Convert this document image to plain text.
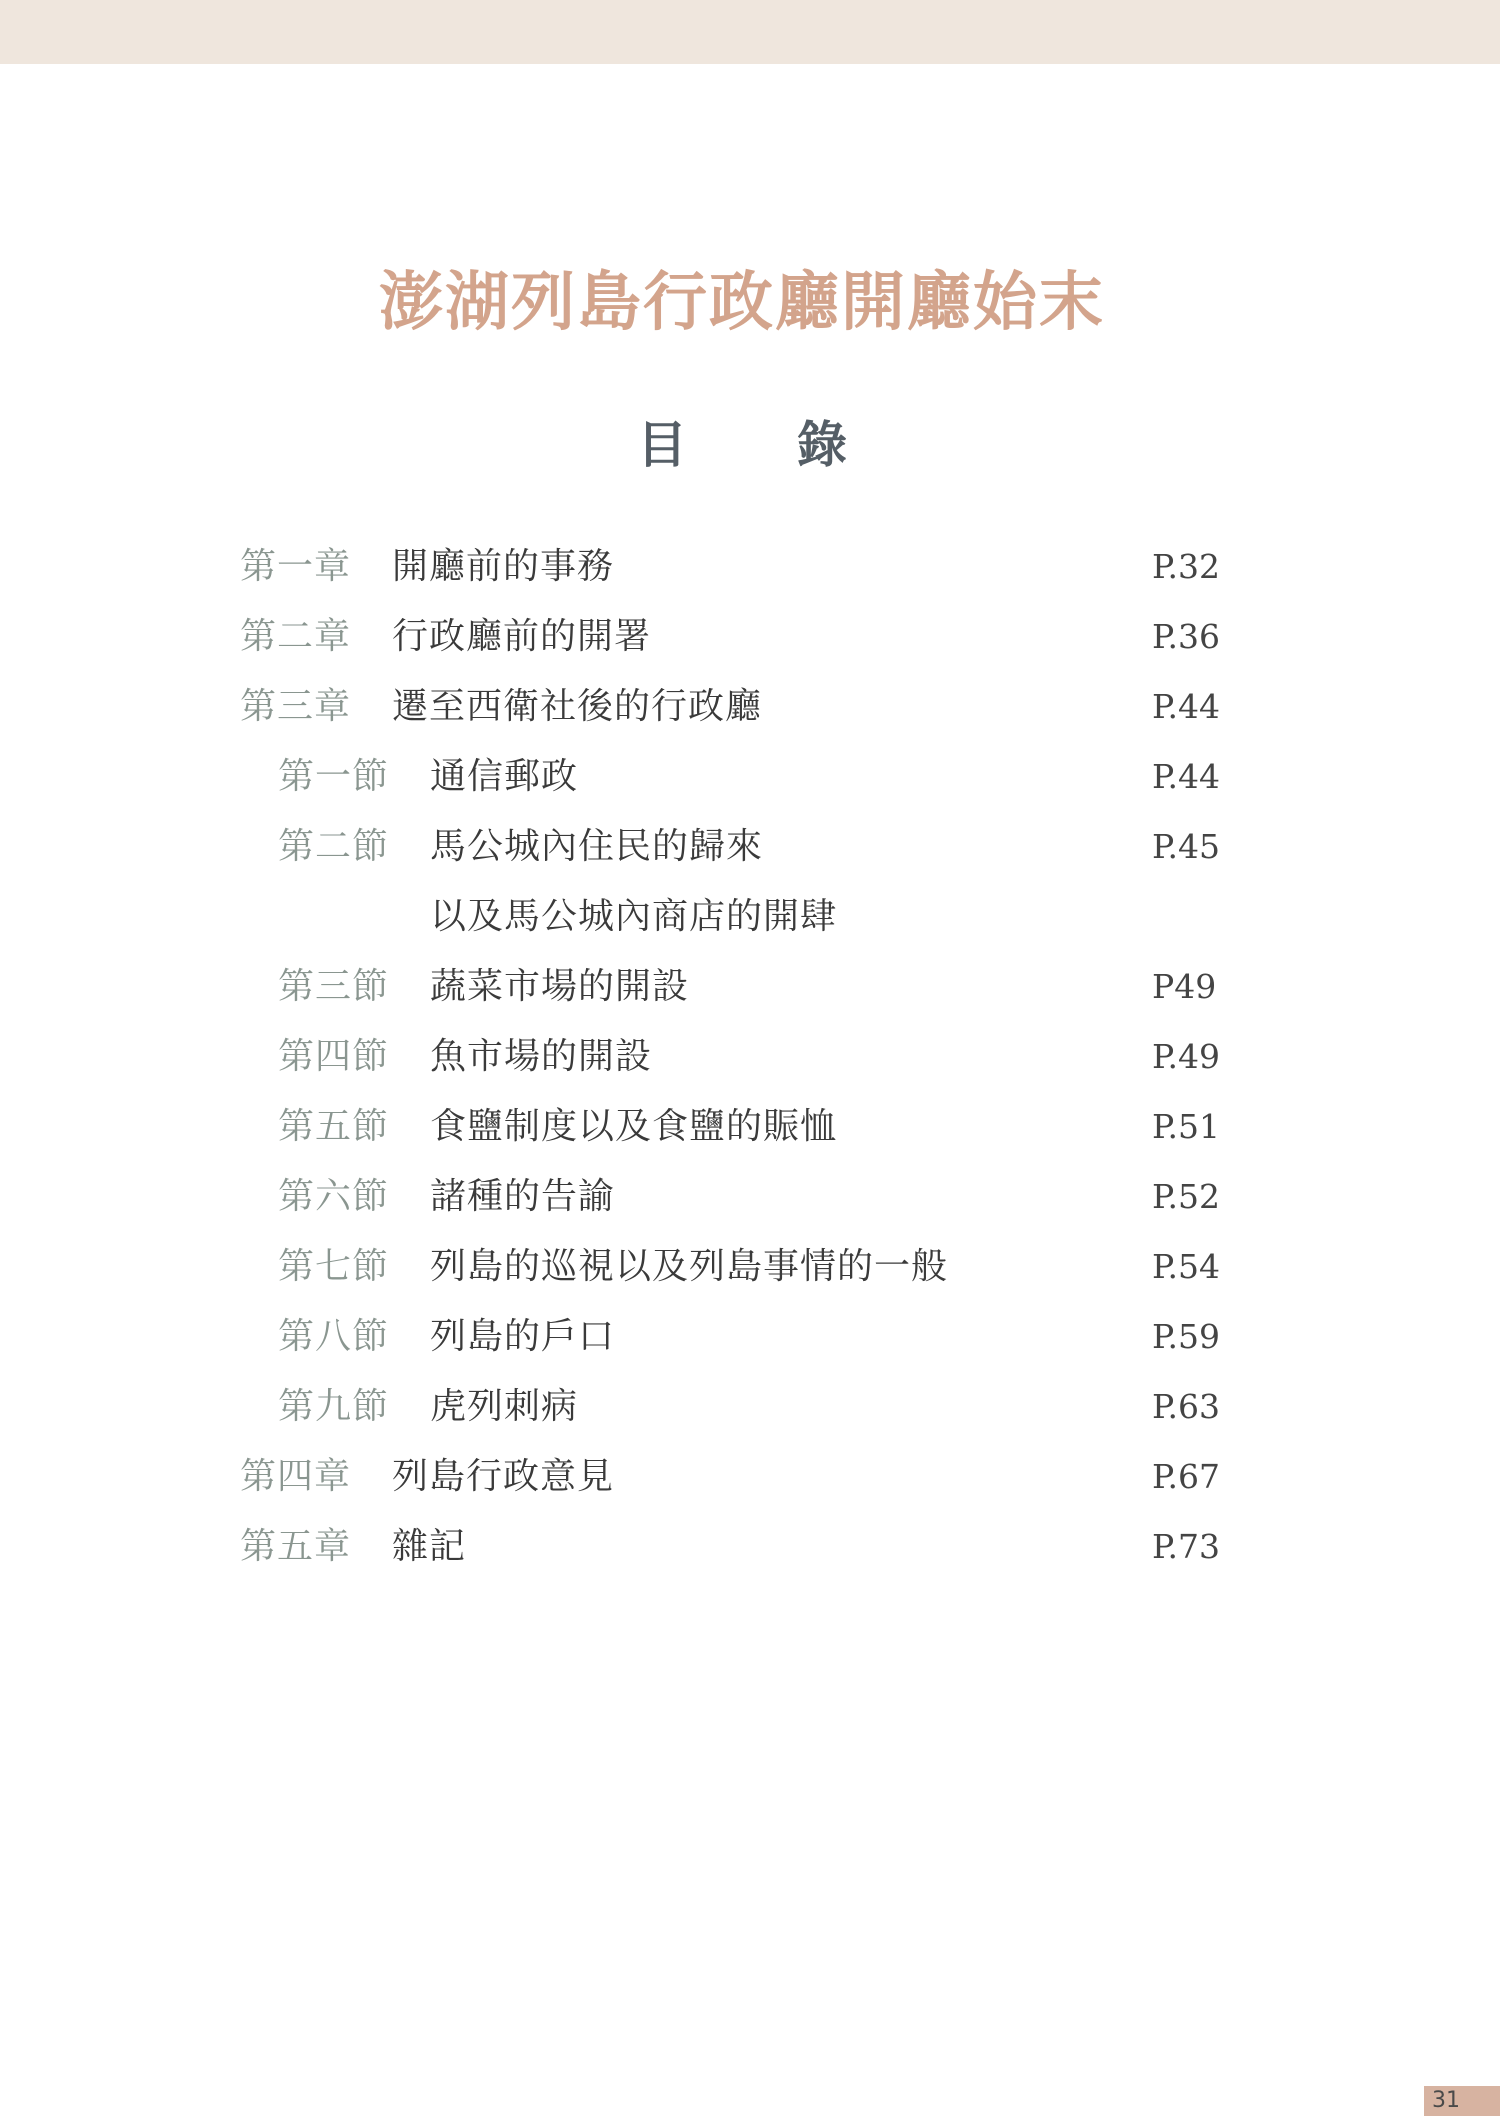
澎湖列島行政廳開廳始末
目 錄
第一章 開廳前的事務	P.32
第二章 行政廳前的開署	P.36
第三章 遷至西衛社後的行政廳	P.44
第一節 通信郵政	P.44
第二節 馬公城內住民的歸來	P.45
以及馬公城內商店的開肆
第三節 蔬菜市場的開設	P49
第四節 魚市場的開設	P.49
第五節 食鹽制度以及食鹽的賑恤	P.51
第六節 諸種的告諭	P.52
第七節 列島的巡視以及列島事情的一般	P.54
第八節 列島的戶口	P.59
第九節 虎列刺病	P.63
第四章 列島行政意見	P.67
第五章 雜記	P.73
31
